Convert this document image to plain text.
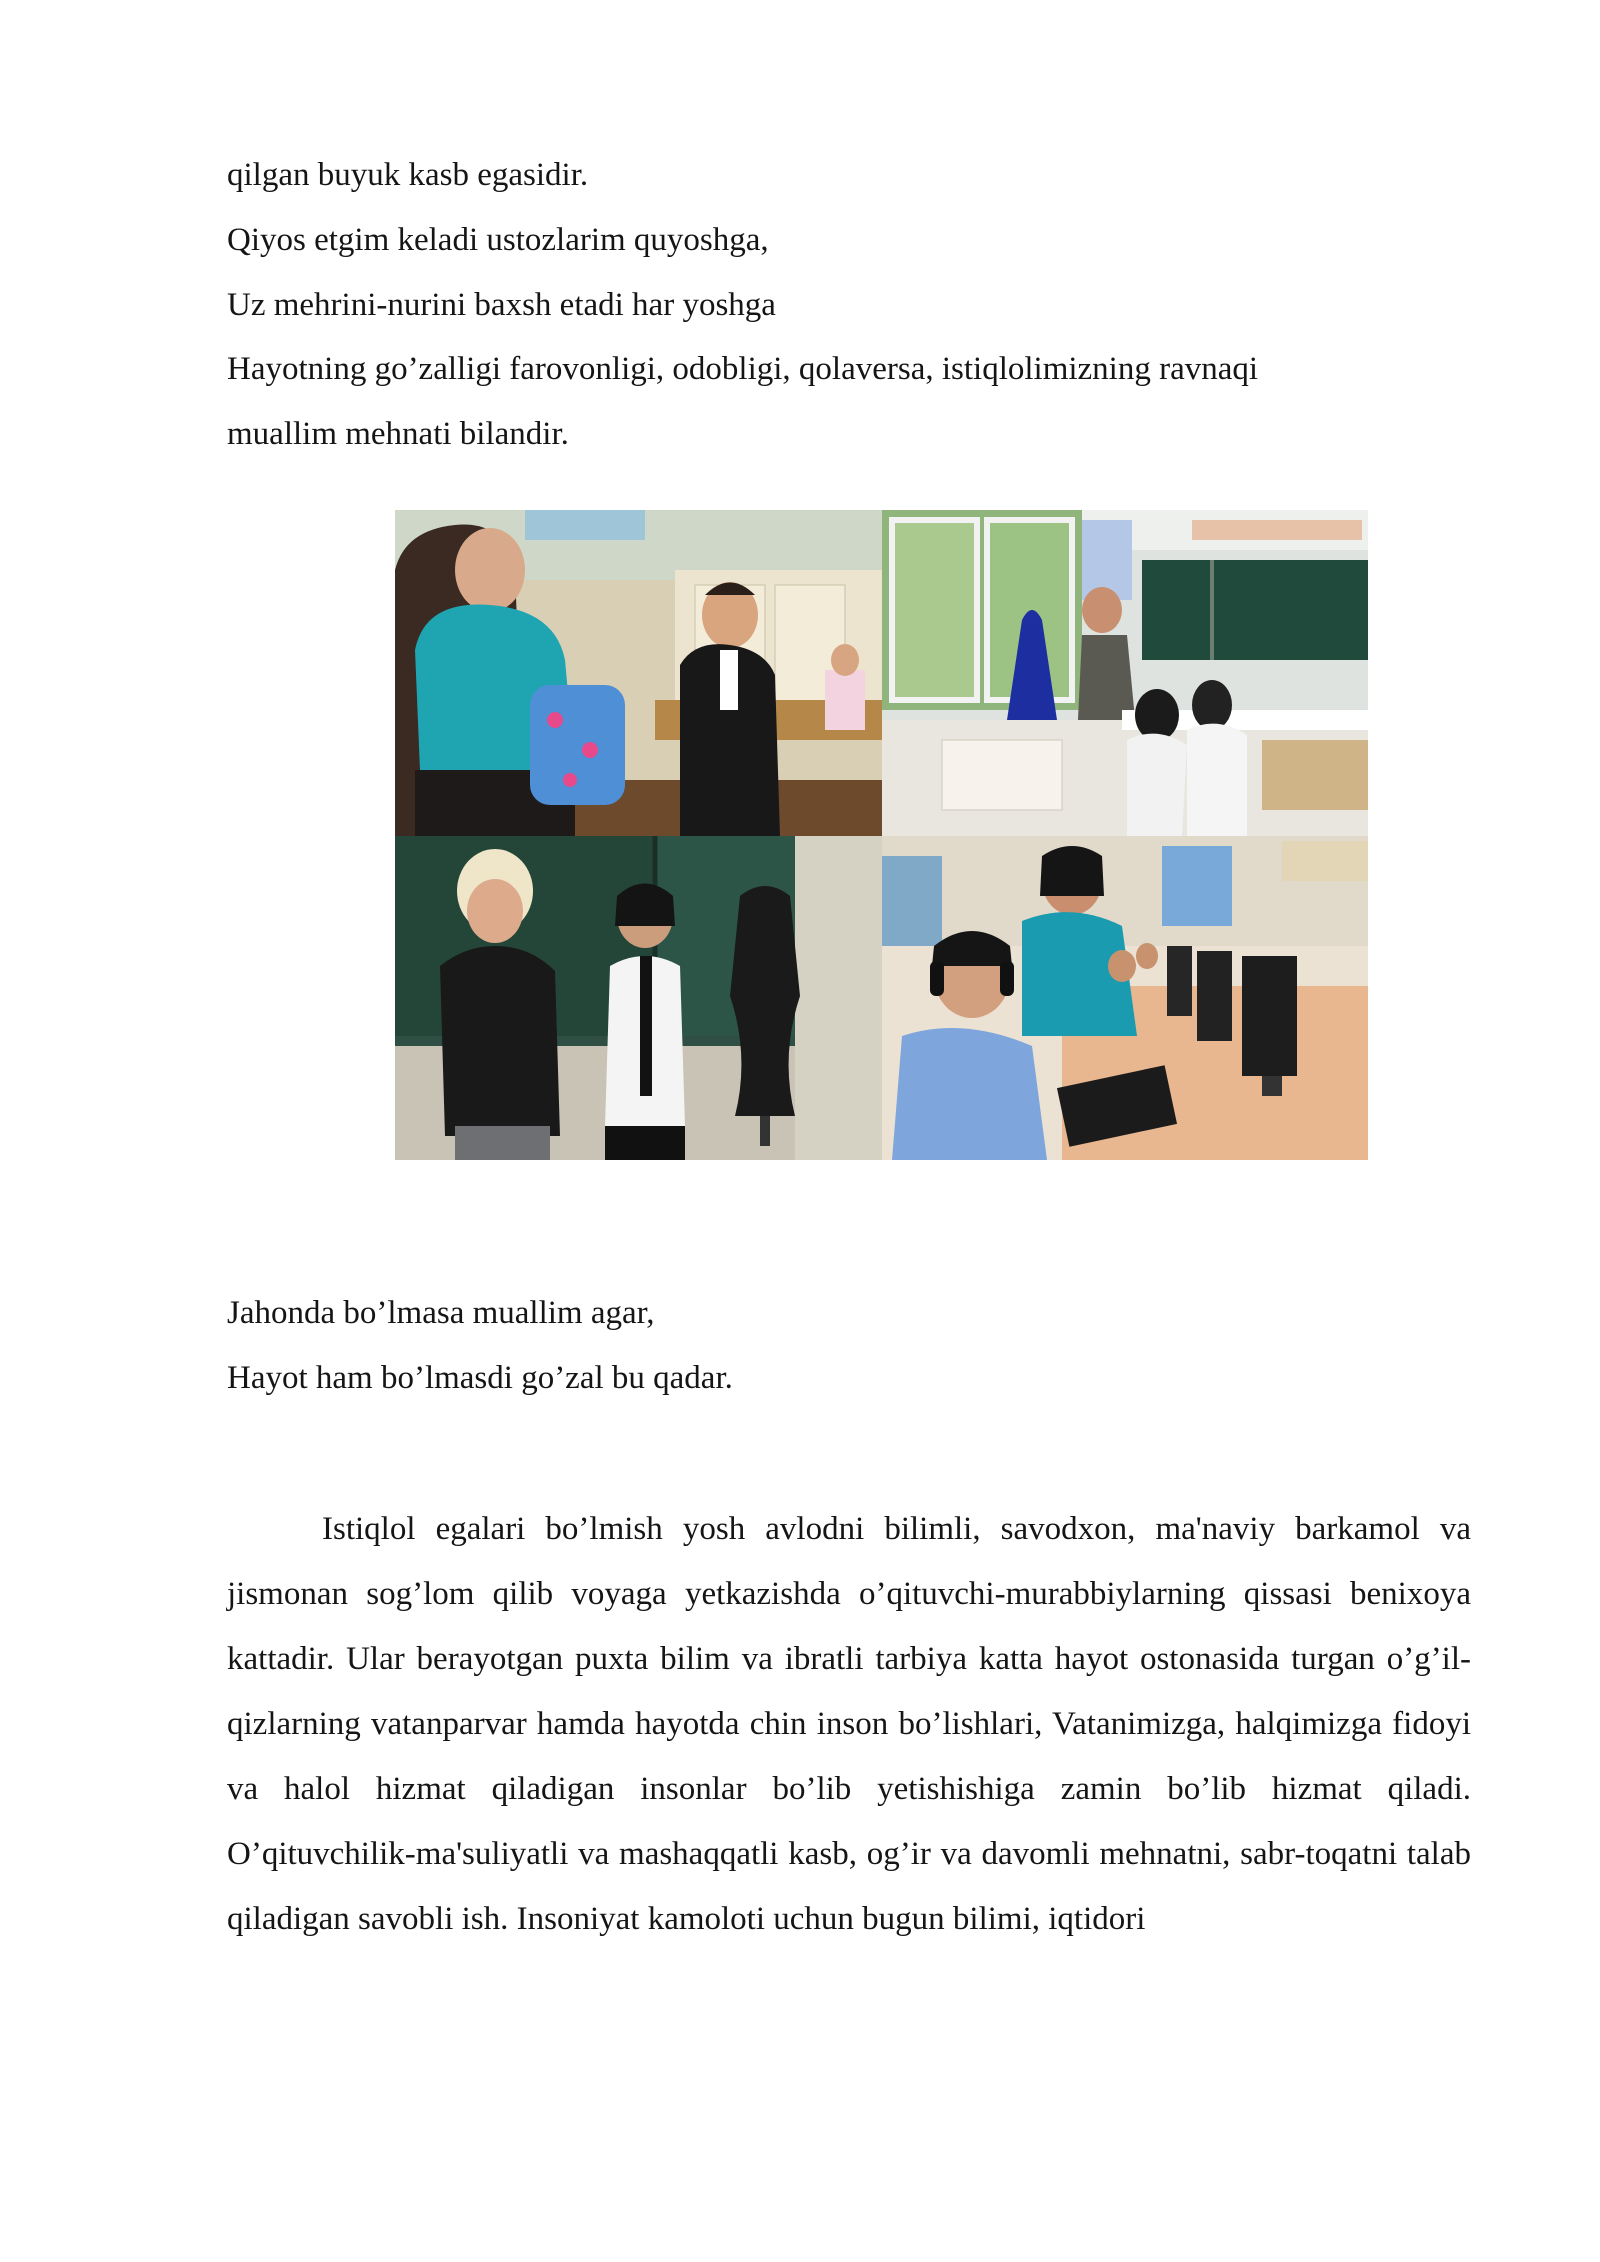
qilgan buyuk kasb egasidir.
Qiyos etgim keladi ustozlarim quyoshga,
Uz mehrini-nurini baxsh etadi har yoshga
Hayotning go’zalligi farovonligi, odobligi, qolaversa, istiqlolimizning ravnaqi
muallim mehnati bilandir.
Jahonda bo’lmasa muallim agar,
Hayot ham bo’lmasdi go’zal bu qadar.

Istiqlol egalari bo’lmish yosh avlodni bilimli, savodxon, ma'naviy barkamol va jismonan sog’lom qilib voyaga yetkazishda o’qituvchi-murabbiylarning qissasi benixoya kattadir. Ular berayotgan puxta bilim va ibratli tarbiya katta hayot ostonasida turgan o’g’il-qizlarning vatanparvar hamda hayotda chin inson bo’lishlari, Vatanimizga, halqimizga fidoyi va halol hizmat qiladigan insonlar bo’lib yetishishiga zamin bo’lib hizmat qiladi. O’qituvchilik-ma'suliyatli va mashaqqatli kasb, og’ir va davomli mehnatni, sabr-toqatni talab qiladigan savobli ish. Insoniyat kamoloti uchun bugun bilimi, iqtidori
